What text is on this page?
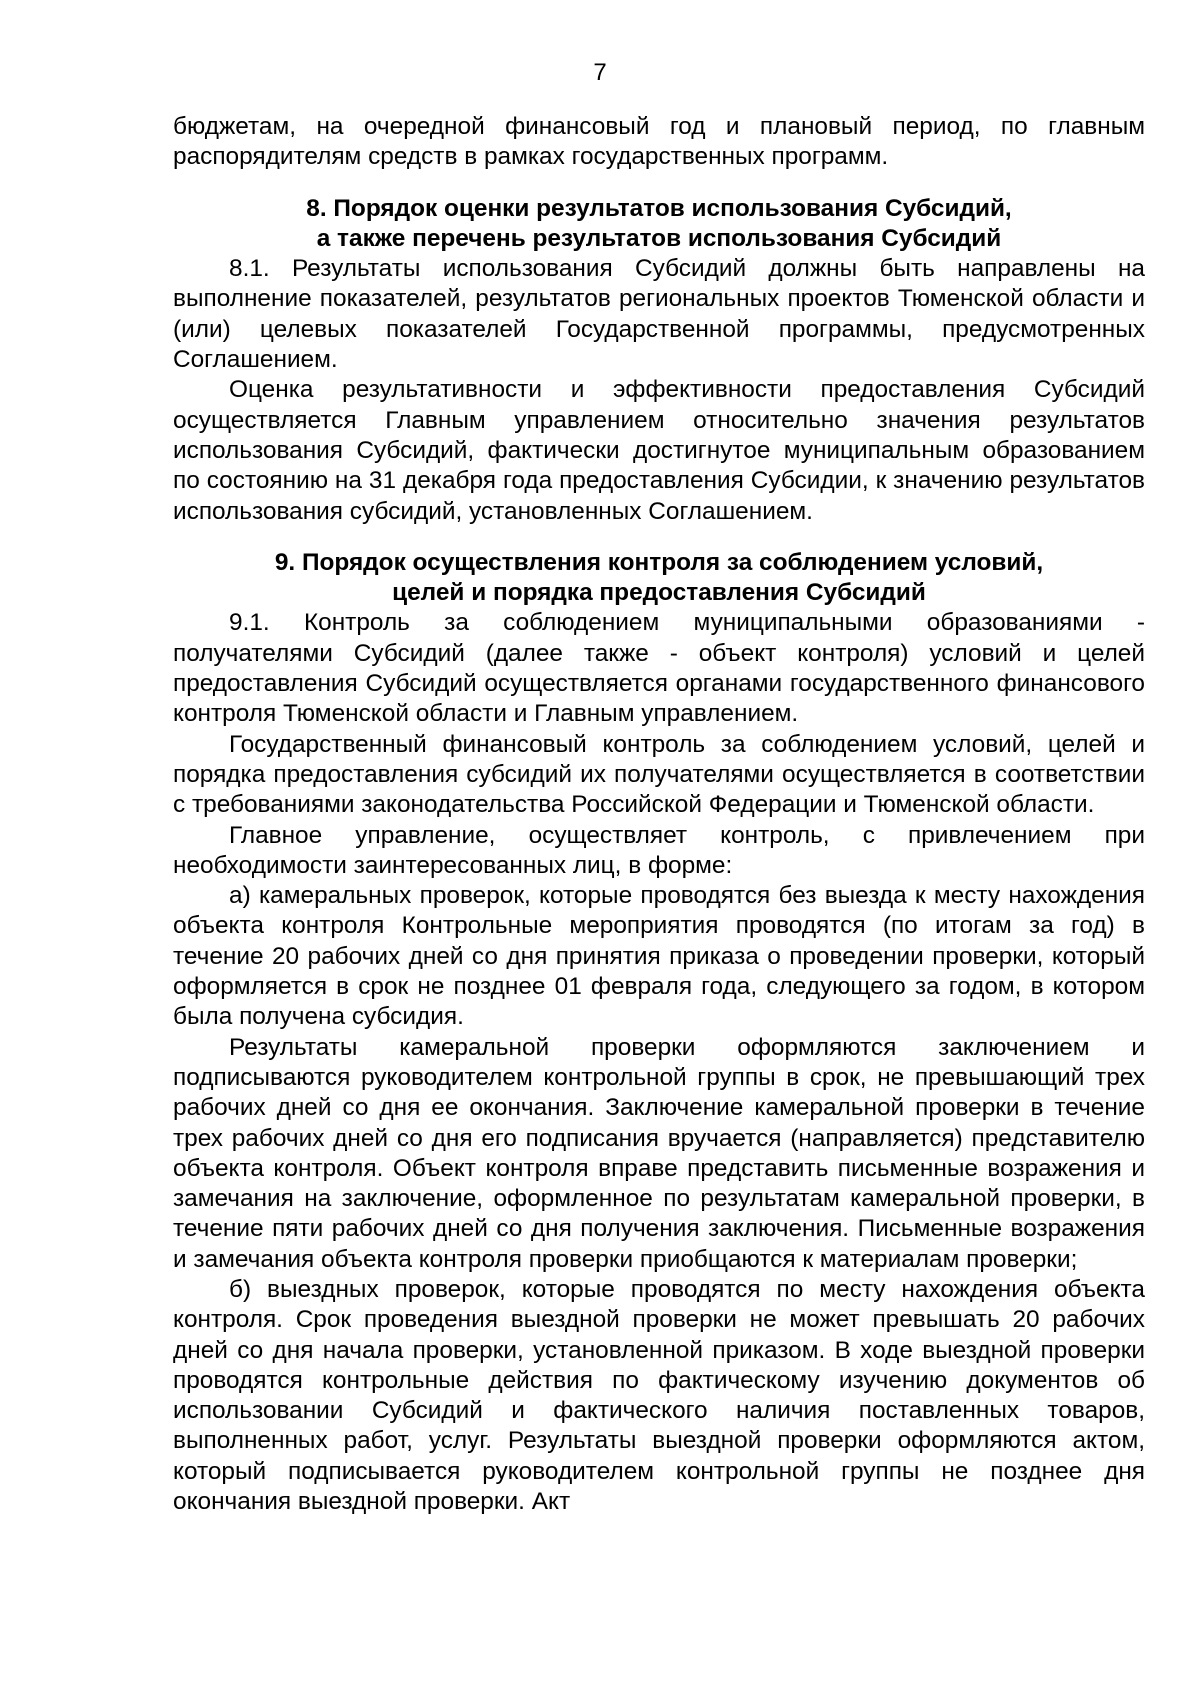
7

бюджетам, на очередной финансовый год и плановый период, по главным распорядителям средств в рамках государственных программ.

8. Порядок оценки результатов использования Субсидий,
а также перечень результатов использования Субсидий

8.1. Результаты использования Субсидий должны быть направлены на выполнение показателей, результатов региональных проектов Тюменской области и (или) целевых показателей Государственной программы, предусмотренных Соглашением.

Оценка результативности и эффективности предоставления Субсидий осуществляется Главным управлением относительно значения результатов использования Субсидий, фактически достигнутое муниципальным образованием по состоянию на 31 декабря года предоставления Субсидии, к значению результатов использования субсидий, установленных Соглашением.

9. Порядок осуществления контроля за соблюдением условий,
целей и порядка предоставления Субсидий

9.1. Контроль за соблюдением муниципальными образованиями - получателями Субсидий (далее также - объект контроля) условий и целей предоставления Субсидий осуществляется органами государственного финансового контроля Тюменской области и Главным управлением.

Государственный финансовый контроль за соблюдением условий, целей и порядка предоставления субсидий их получателями осуществляется в соответствии с требованиями законодательства Российской Федерации и Тюменской области.

Главное управление, осуществляет контроль, с привлечением при необходимости заинтересованных лиц, в форме:

а) камеральных проверок, которые проводятся без выезда к месту нахождения объекта контроля Контрольные мероприятия проводятся (по итогам за год) в течение 20 рабочих дней со дня принятия приказа о проведении проверки, который оформляется в срок не позднее 01 февраля года, следующего за годом, в котором была получена субсидия.

Результаты камеральной проверки оформляются заключением и подписываются руководителем контрольной группы в срок, не превышающий трех рабочих дней со дня ее окончания. Заключение камеральной проверки в течение трех рабочих дней со дня его подписания вручается (направляется) представителю объекта контроля. Объект контроля вправе представить письменные возражения и замечания на заключение, оформленное по результатам камеральной проверки, в течение пяти рабочих дней со дня получения заключения. Письменные возражения и замечания объекта контроля проверки приобщаются к материалам проверки;

б) выездных проверок, которые проводятся по месту нахождения объекта контроля. Срок проведения выездной проверки не может превышать 20 рабочих дней со дня начала проверки, установленной приказом. В ходе выездной проверки проводятся контрольные действия по фактическому изучению документов об использовании Субсидий и фактического наличия поставленных товаров, выполненных работ, услуг. Результаты выездной проверки оформляются актом, который подписывается руководителем контрольной группы не позднее дня окончания выездной проверки. Акт
